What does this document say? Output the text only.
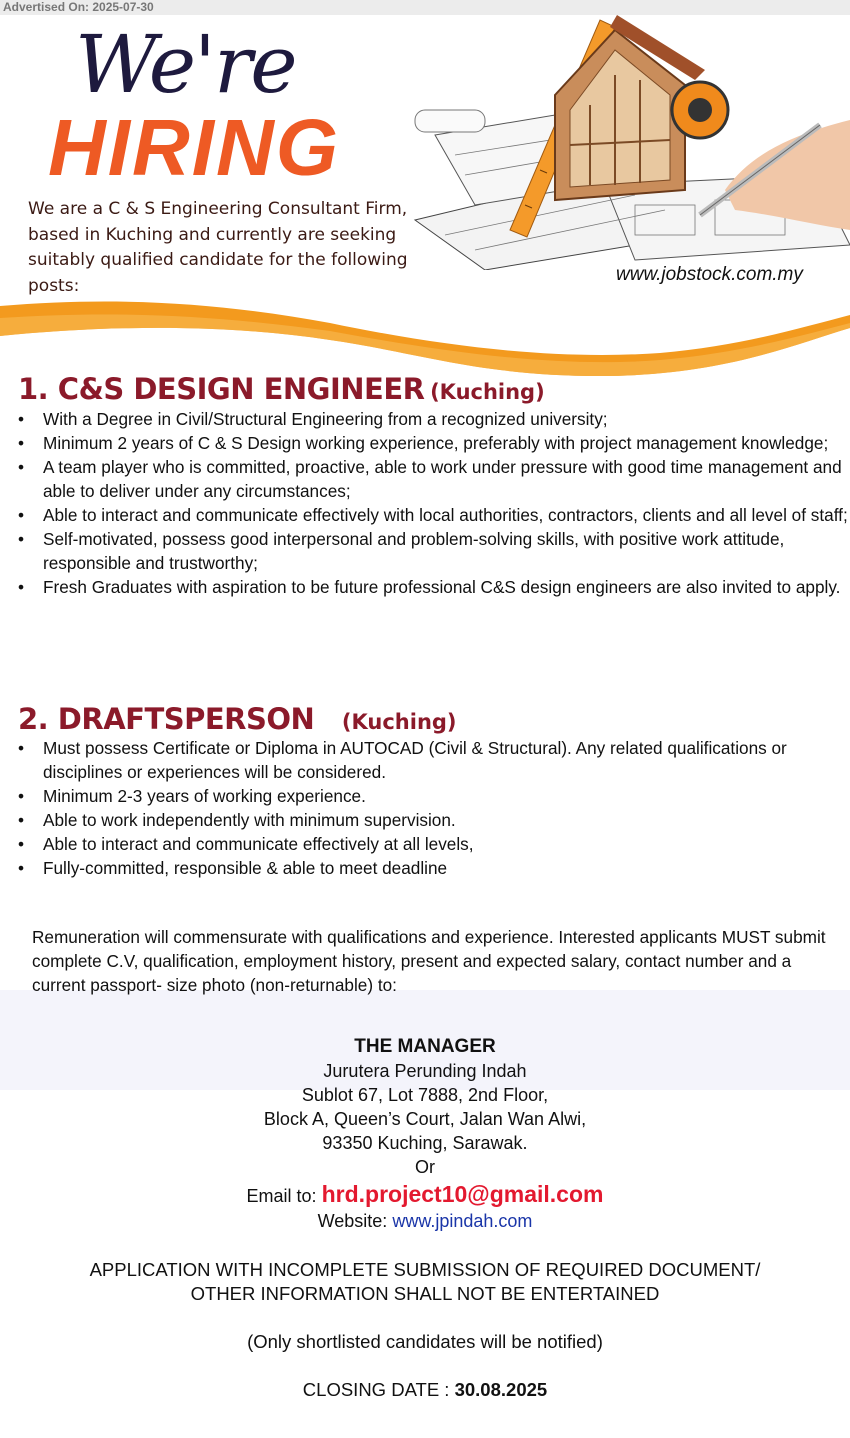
Advertised On: 2025-07-30
We're
HIRING
We are a C & S Engineering Consultant Firm, based in Kuching and currently are seeking suitably qualified candidate for the following posts:
www.jobstock.com.my
1. C&S DESIGN ENGINEER (Kuching)
• With a Degree in Civil/Structural Engineering from a recognized university;
• Minimum 2 years of C & S Design working experience, preferably with project management knowledge;
• A team player who is committed, proactive, able to work under pressure with good time management and able to deliver under any circumstances;
• Able to interact and communicate effectively with local authorities, contractors, clients and all level of staff;
• Self-motivated, possess good interpersonal and problem-solving skills, with positive work attitude, responsible and trustworthy;
• Fresh Graduates with aspiration to be future professional C&S design engineers are also invited to apply.
2. DRAFTSPERSON (Kuching)
• Must possess Certificate or Diploma in AUTOCAD (Civil & Structural). Any related qualifications or disciplines or experiences will be considered.
• Minimum 2-3 years of working experience.
• Able to work independently with minimum supervision.
• Able to interact and communicate effectively at all levels,
• Fully-committed, responsible & able to meet deadline
Remuneration will commensurate with qualifications and experience. Interested applicants MUST submit complete C.V, qualification, employment history, present and expected salary, contact number and a current passport- size photo (non-returnable) to:
THE MANAGER
Jurutera Perunding Indah
Sublot 67, Lot 7888, 2nd Floor,
Block A, Queen’s Court, Jalan Wan Alwi,
93350 Kuching, Sarawak.
Or
Email to: hrd.project10@gmail.com
Website: www.jpindah.com
APPLICATION WITH INCOMPLETE SUBMISSION OF REQUIRED DOCUMENT/
OTHER INFORMATION SHALL NOT BE ENTERTAINED
(Only shortlisted candidates will be notified)
CLOSING DATE : 30.08.2025
